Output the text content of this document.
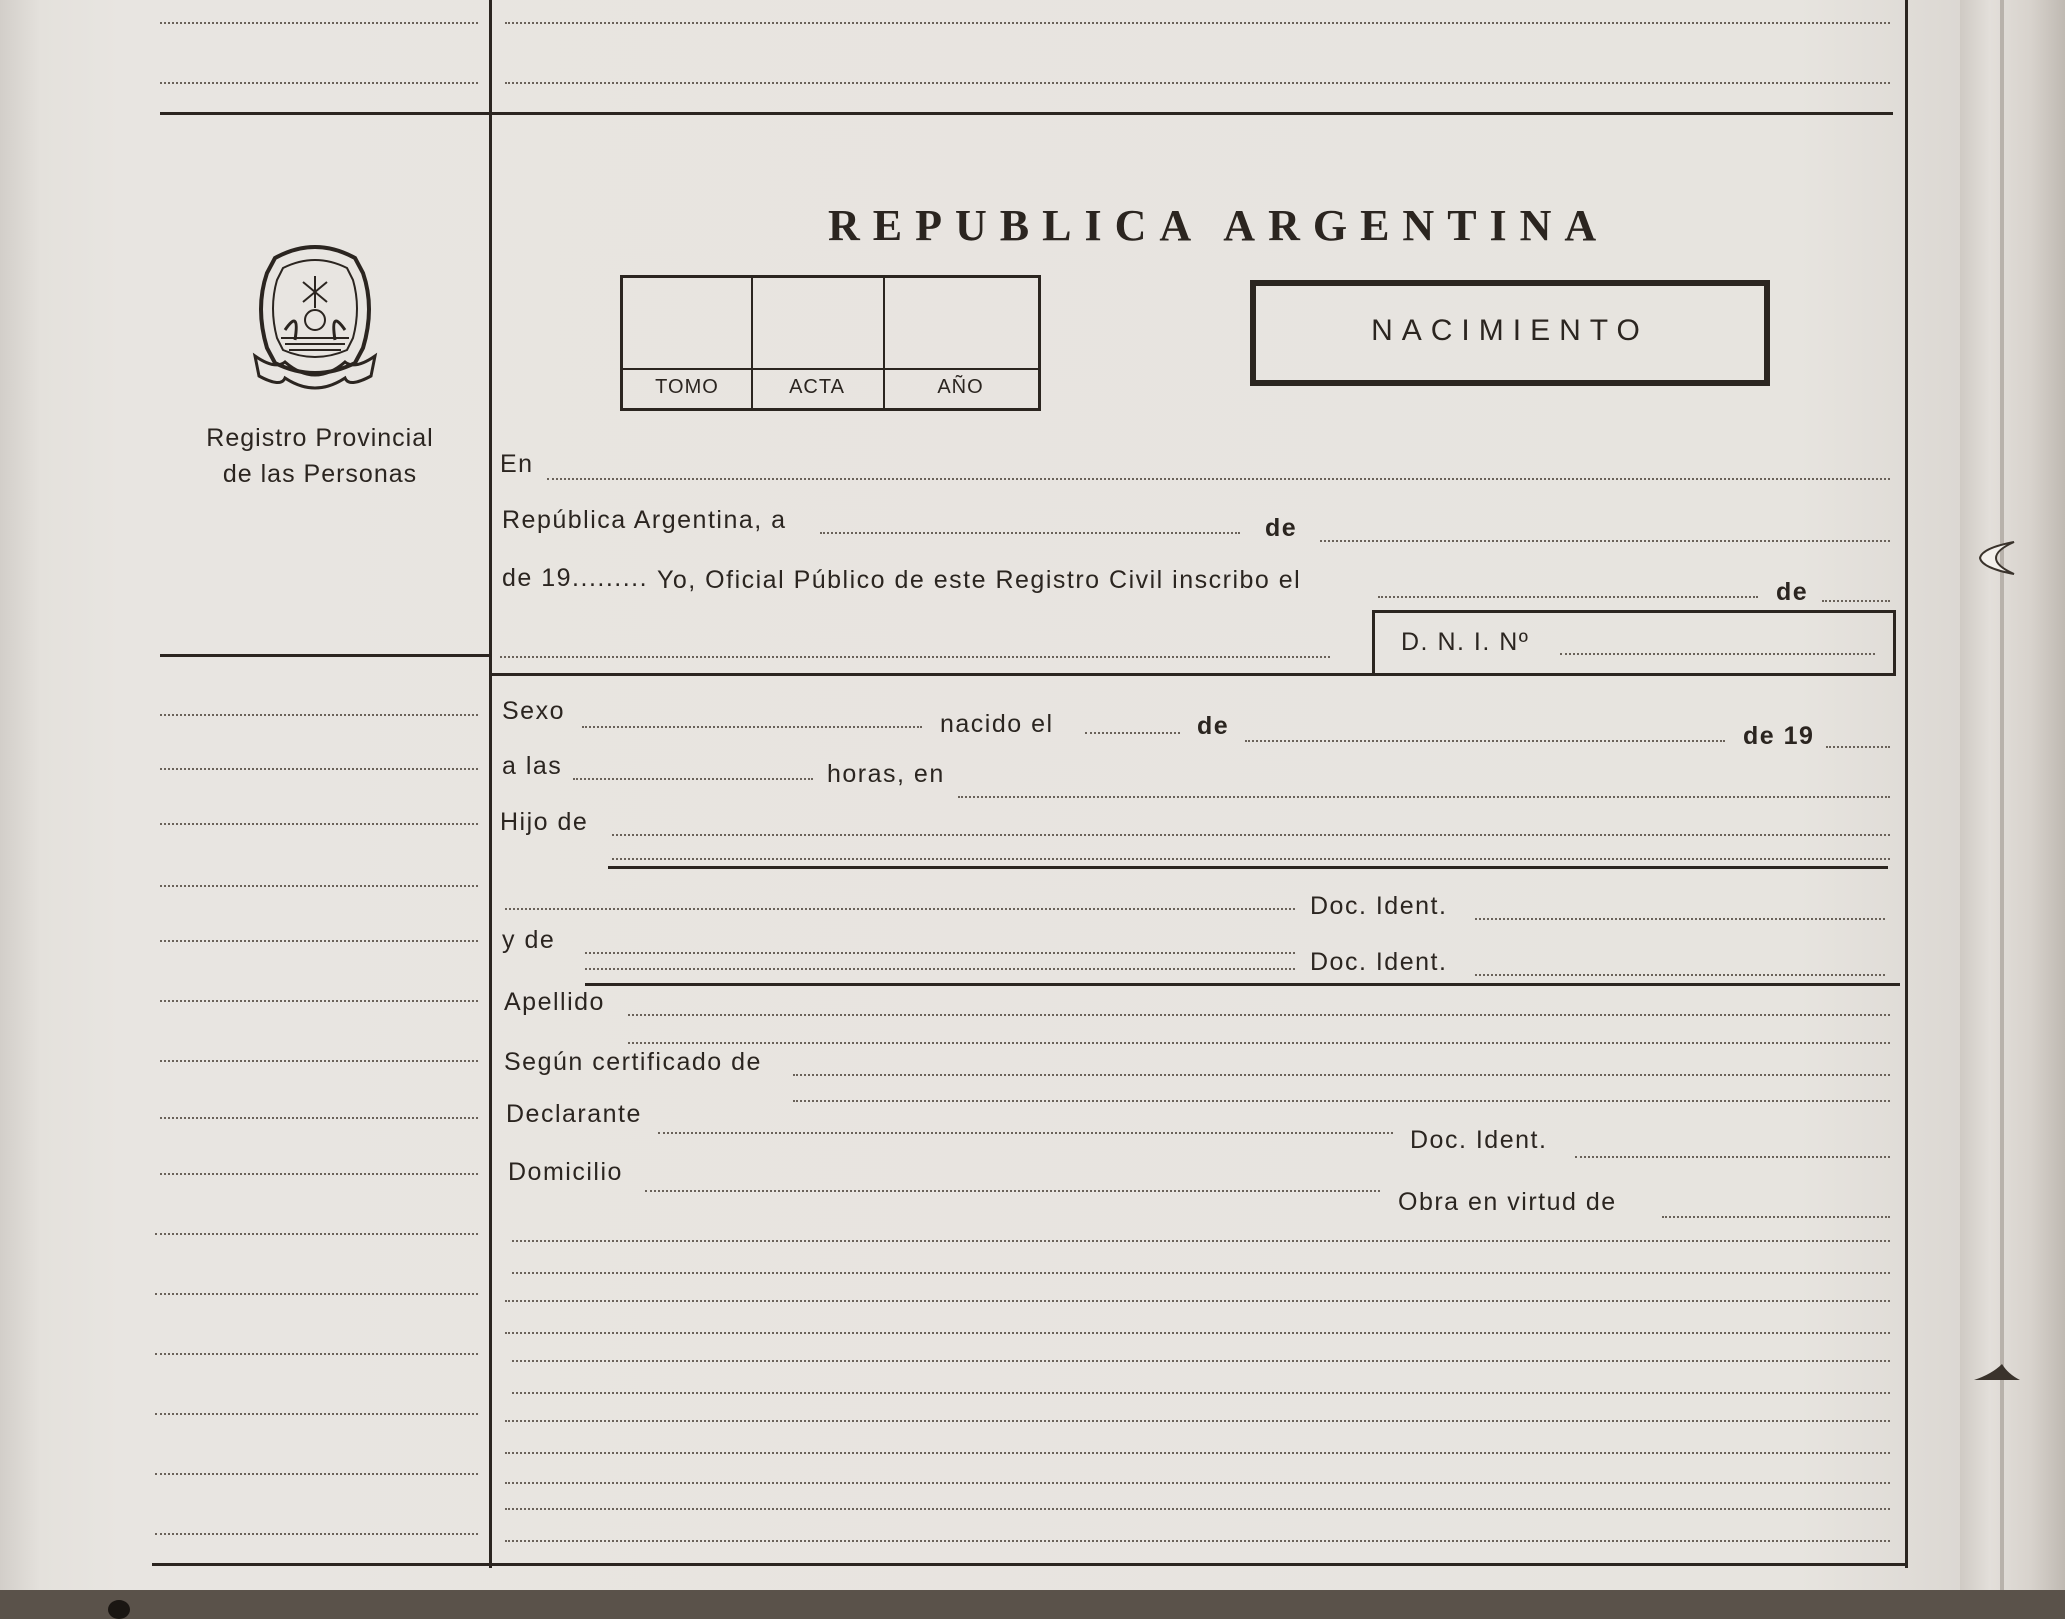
Registro Provincial
de las Personas
REPUBLICA ARGENTINA
TOMO	ACTA	AÑO
NACIMIENTO
En
República Argentina, a	de
de 19......... Yo, Oficial Público de este Registro Civil inscribo el	de
D. N. I. Nº
Sexo	nacido el	de	de 19
a las	horas, en
Hijo de
Doc. Ident.
y de
Doc. Ident.
Apellido
Según certificado de
Declarante
Doc. Ident.
Domicilio
Obra en virtud de
